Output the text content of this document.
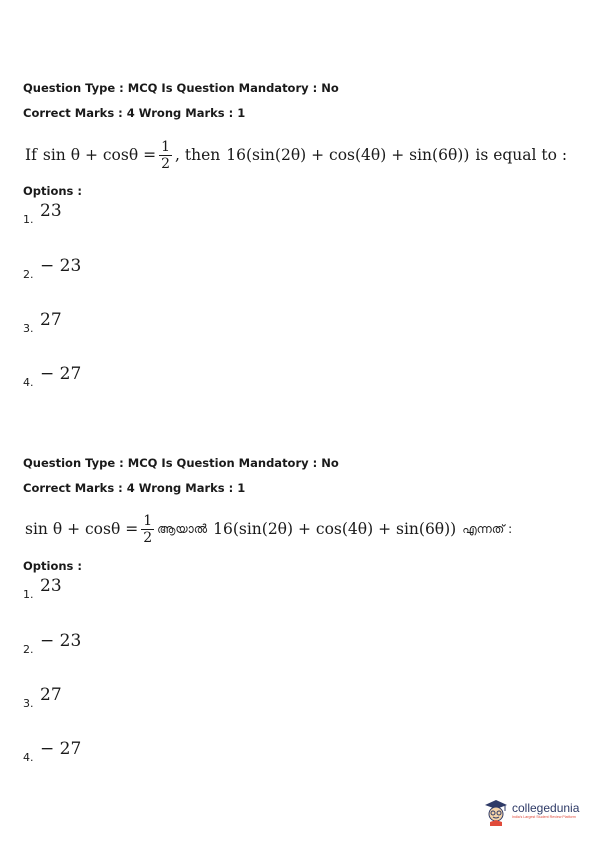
Question Type : MCQ Is Question Mandatory : No
Correct Marks : 4 Wrong Marks : 1
If $\sin \theta + \cos\theta = \frac{1}{2}$ , then 16(sin(2θ) + cos(4θ) + sin(6θ)) is equal to :
Options :
1. 23
2. − 23
3. 27
4. − 27
Question Type : MCQ Is Question Mandatory : No
Correct Marks : 4 Wrong Marks : 1
$\sin \theta + \cos\theta = \frac{1}{2}$ ആയാൽ 16(sin(2θ) + cos(4θ) + sin(6θ)) എന്നത് :
Options :
1. 23
2. − 23
3. 27
4. − 27
collegedunia
India's Largest Student Review Platform
